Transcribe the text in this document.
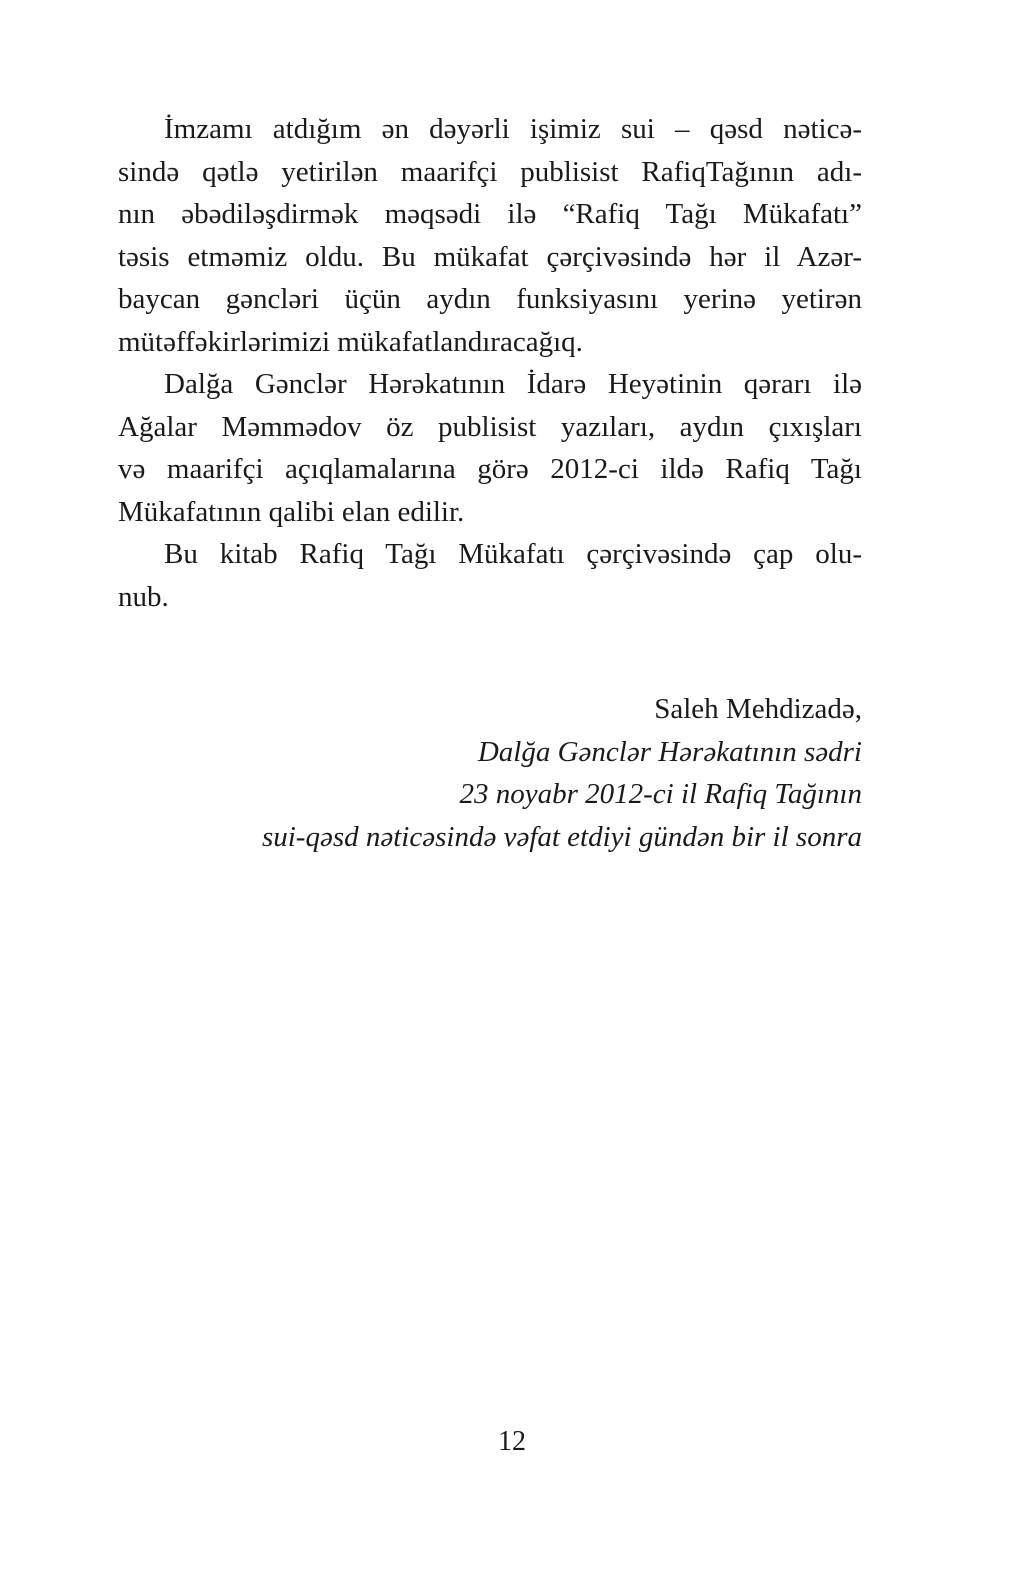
İmzamı atdığım ən dəyərli işimiz sui – qəsd nəticə-
sində qətlə yetirilən maarifçi publisist RafiqTağının adı-
nın əbədiləşdirmək məqsədi ilə “Rafiq Tağı Mükafatı”
təsis etməmiz oldu. Bu mükafat çərçivəsində hər il Azər-
baycan gəncləri üçün aydın funksiyasını yerinə yetirən
mütəffəkirlərimizi mükafatlandıracağıq.
Dalğa Gənclər Hərəkatının İdarə Heyətinin qərarı ilə
Ağalar Məmmədov öz publisist yazıları, aydın çıxışları
və maarifçi açıqlamalarına görə 2012-ci ildə Rafiq Tağı
Mükafatının qalibi elan edilir.
Bu kitab Rafiq Tağı Mükafatı çərçivəsində çap olu-
nub.
Saleh Mehdizadə,
Dalğa Gənclər Hərəkatının sədri
23 noyabr 2012-ci il Rafiq Tağının
sui-qəsd nəticəsində vəfat etdiyi gündən bir il sonra
12
